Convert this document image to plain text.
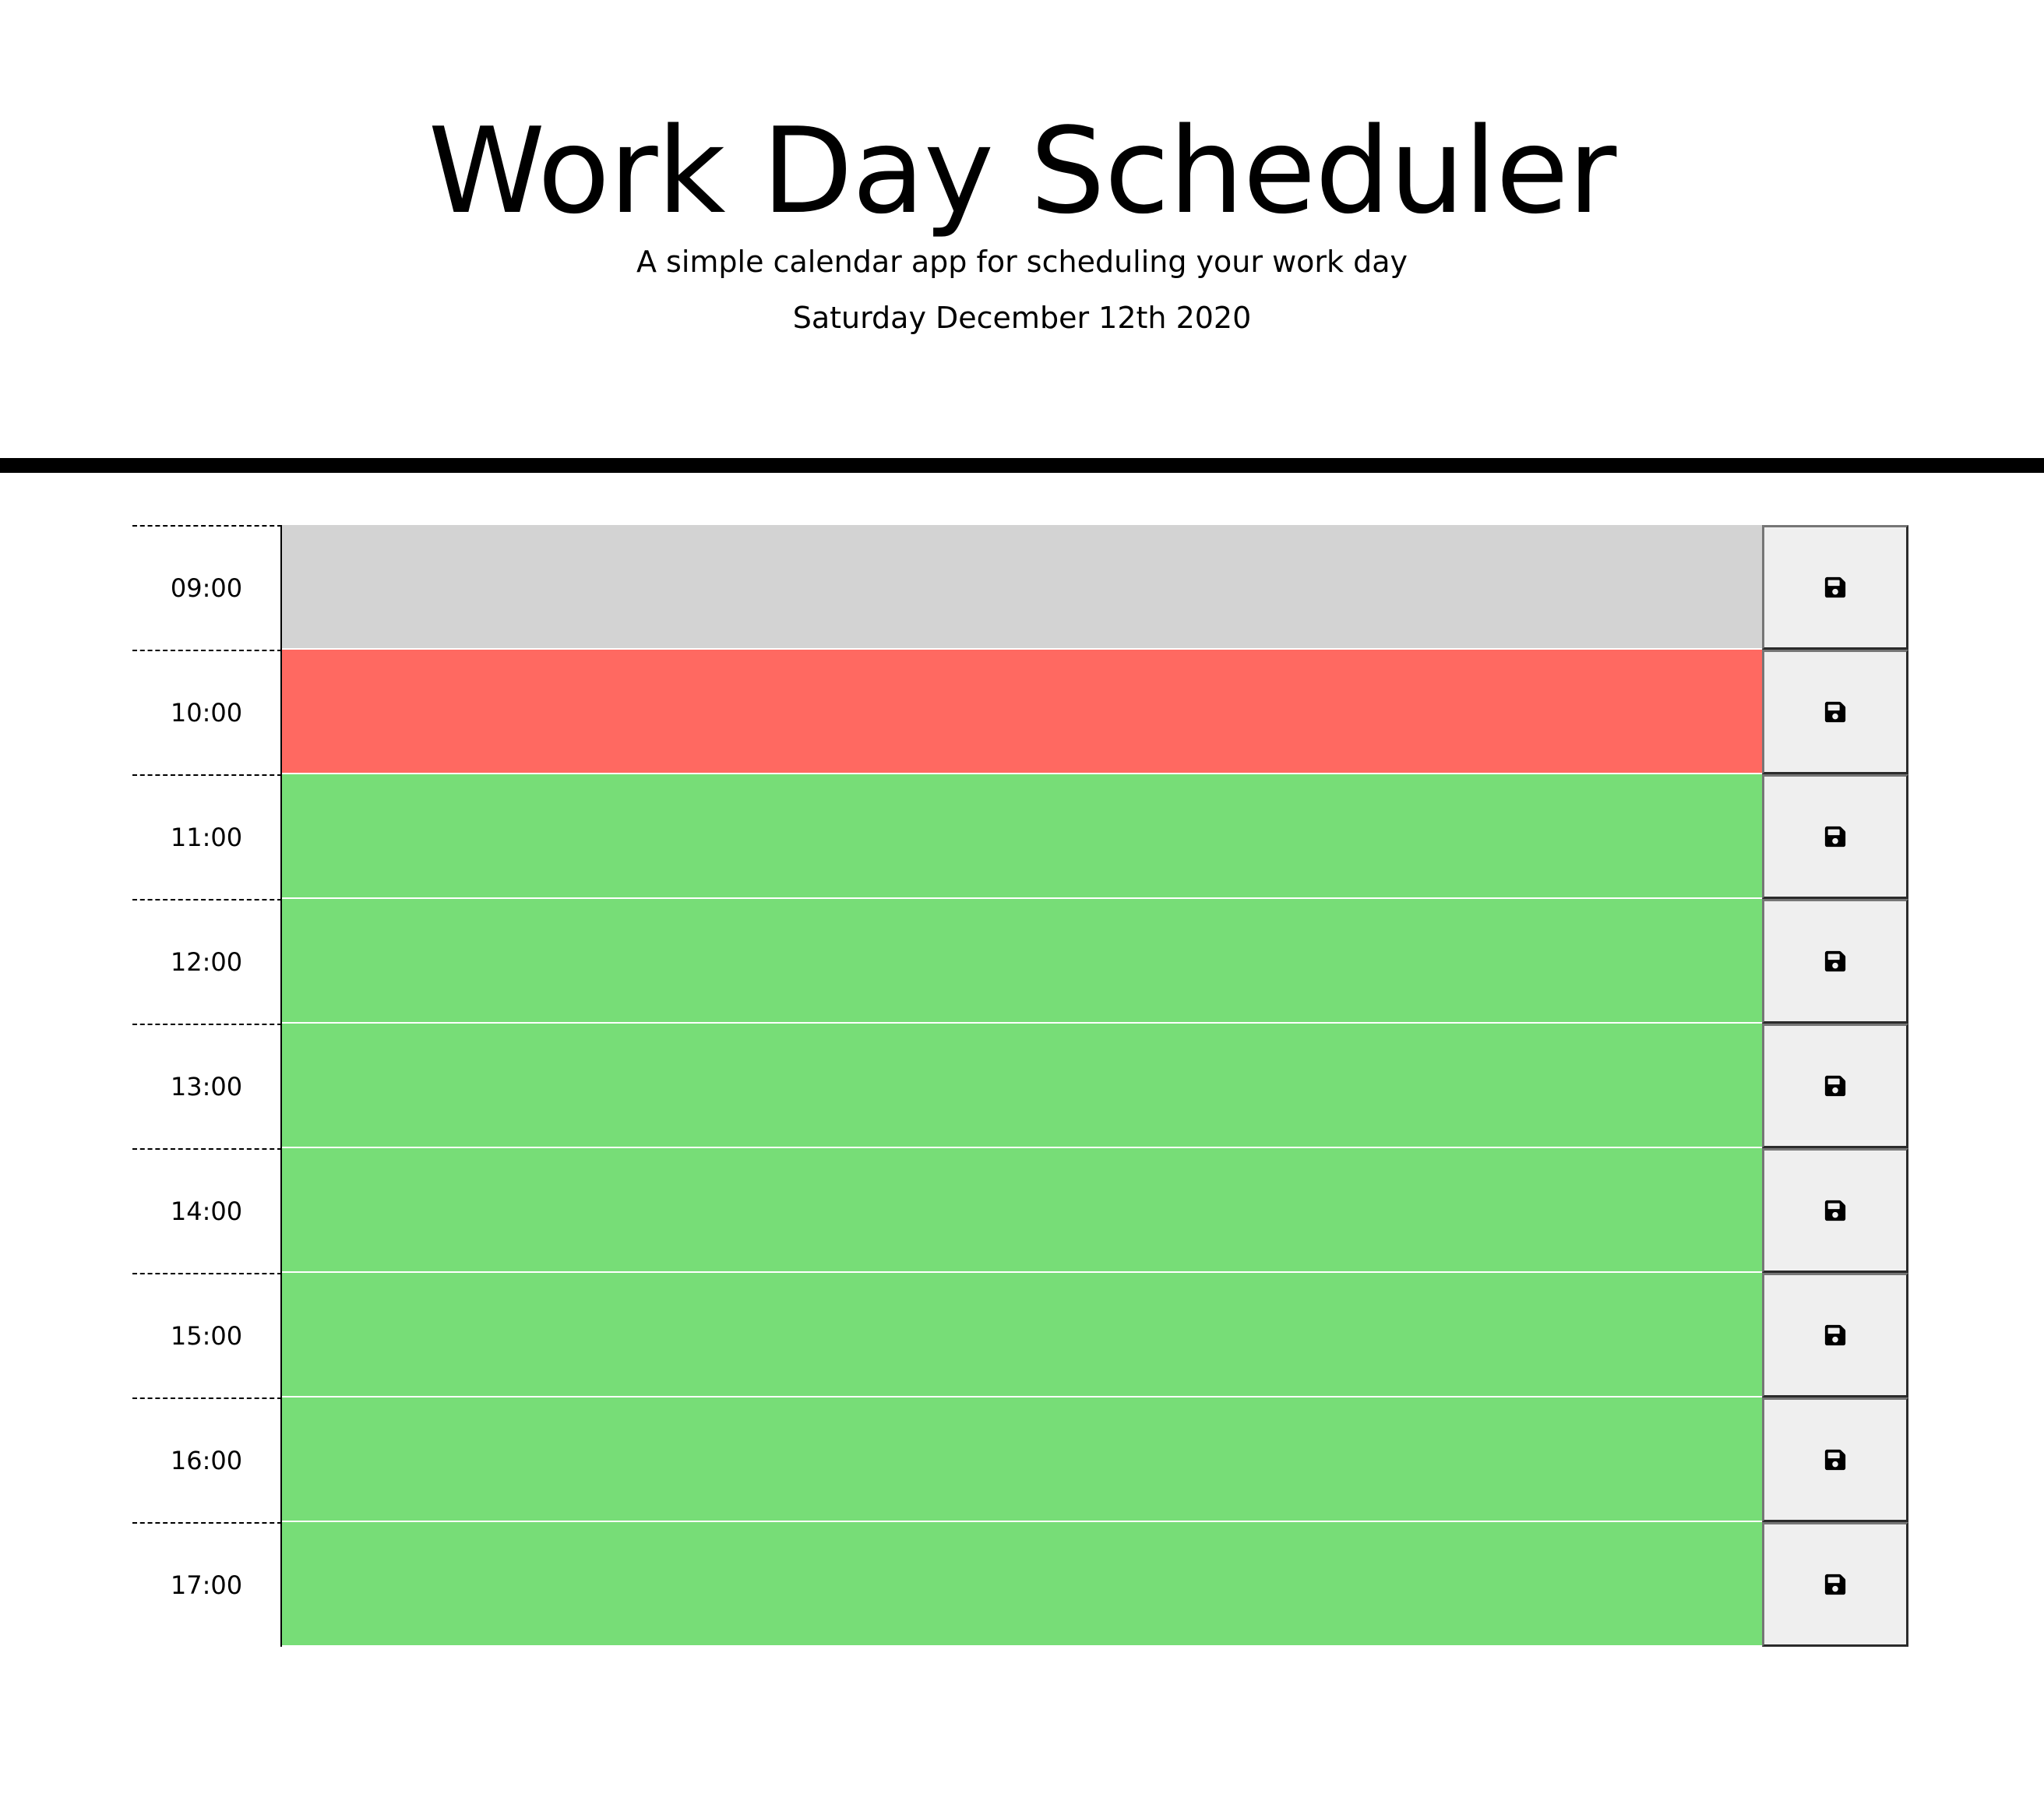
Work Day Scheduler
A simple calendar app for scheduling your work day
Saturday December 12th 2020
09:00
10:00
11:00
12:00
13:00
14:00
15:00
16:00
17:00
